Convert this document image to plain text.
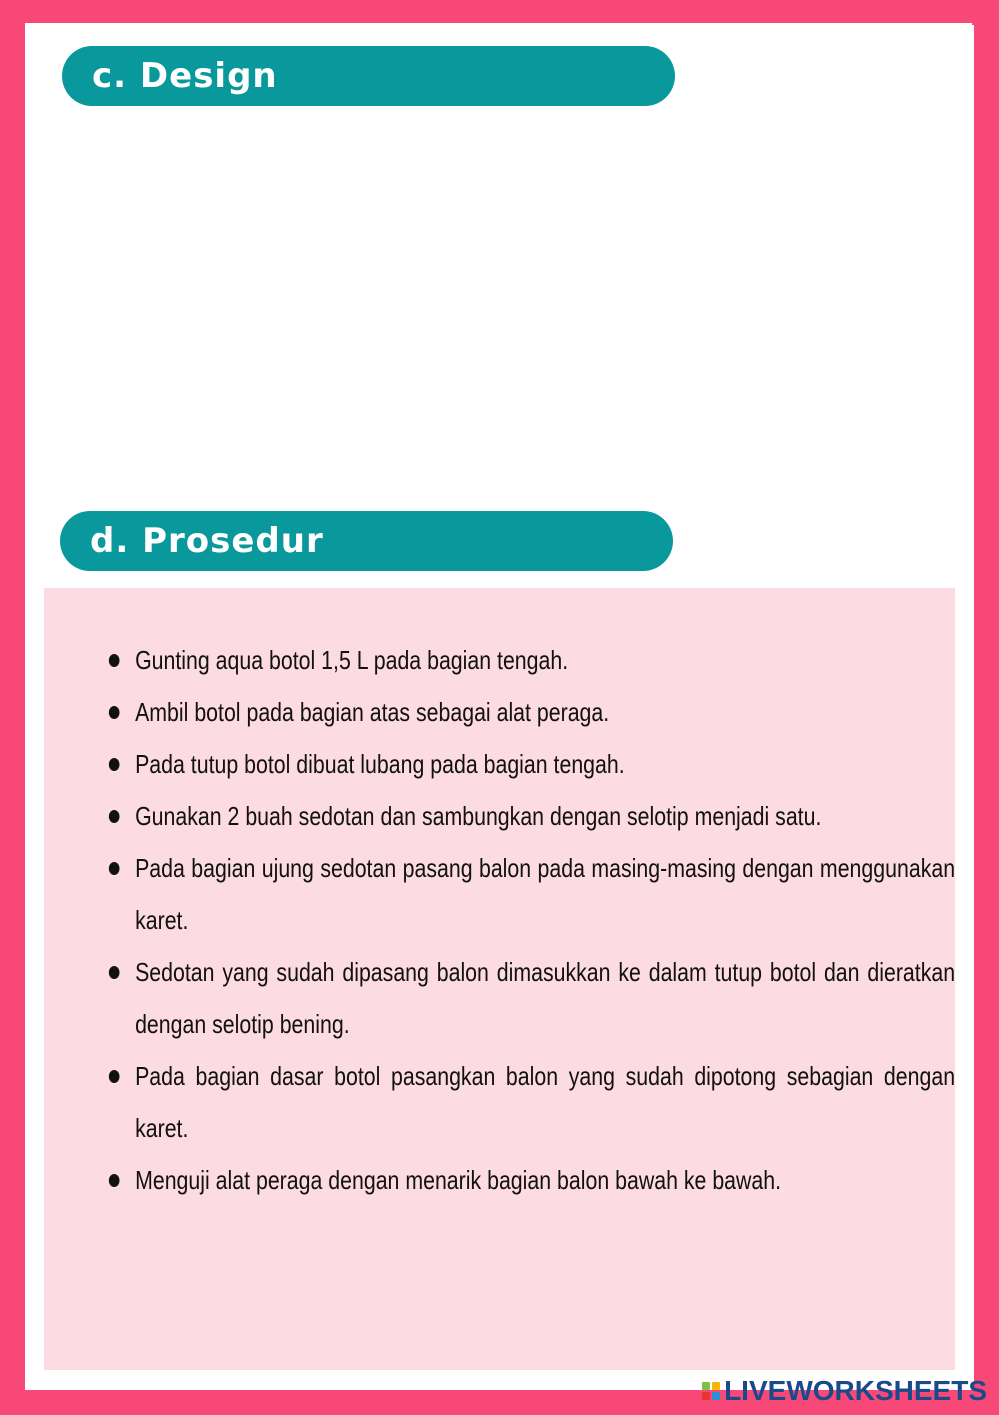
c. Design
d. Prosedur
Gunting aqua botol 1,5 L pada bagian tengah.
Ambil botol pada bagian atas sebagai alat peraga.
Pada tutup botol dibuat lubang pada bagian tengah.
Gunakan 2 buah sedotan dan sambungkan dengan selotip menjadi satu.
Pada bagian ujung sedotan pasang balon pada masing-masing dengan menggunakan karet.
Sedotan yang sudah dipasang balon dimasukkan ke dalam tutup botol dan dieratkan dengan selotip bening.
Pada bagian dasar botol pasangkan balon yang sudah dipotong sebagian dengan karet.
Menguji alat peraga dengan menarik bagian balon bawah ke bawah.
LIVEWORKSHEETS
